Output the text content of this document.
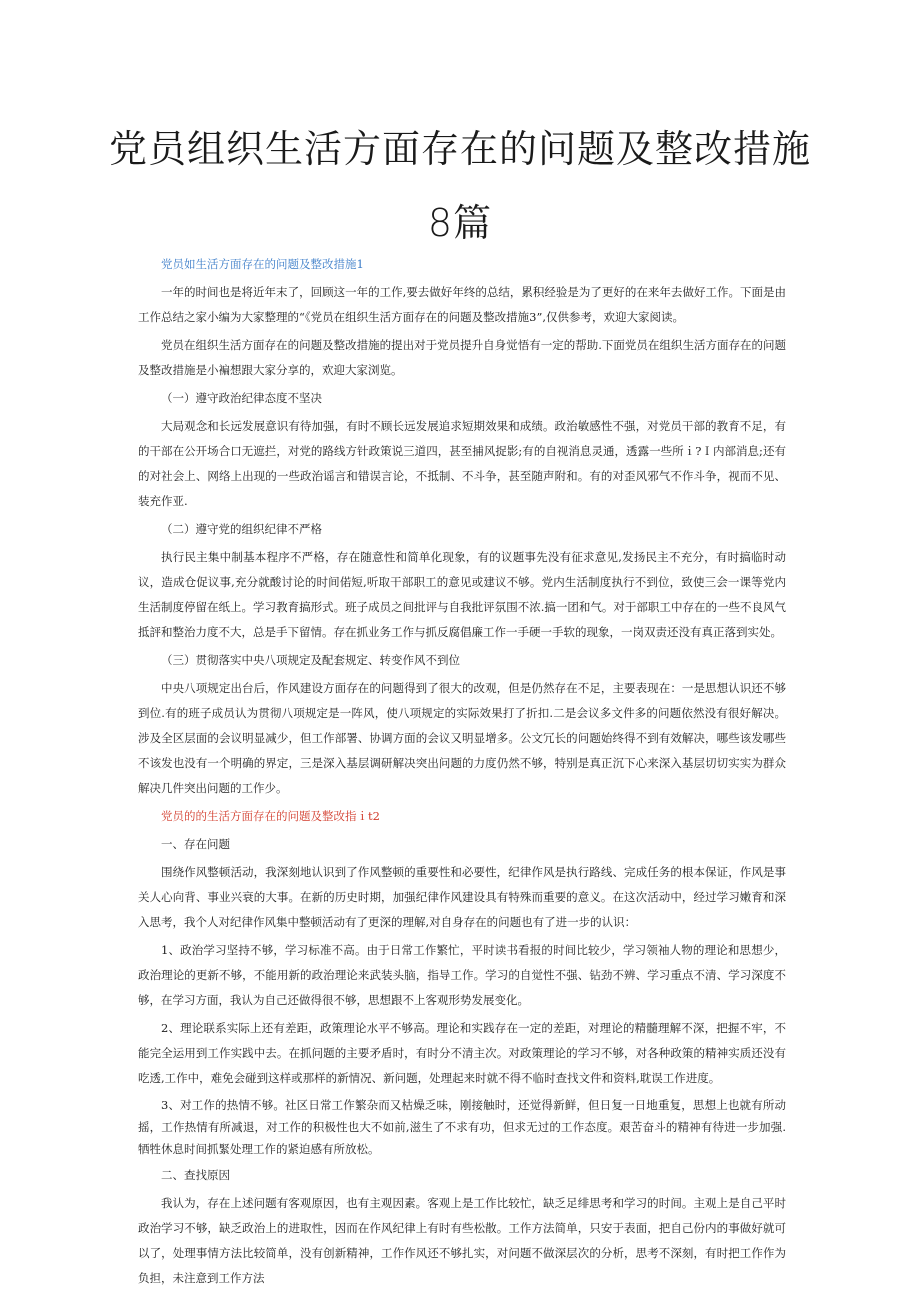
党员组织生活方面存在的问题及整改措施
8篇

党员如生活方面存在的问题及整改措施1

一年的时间也是将近年末了，回顾这一年的工作,要去做好年终的总结，累积经验是为了更好的在来年去做好工作。下面是由工作总结之家小编为大家整理的“《党员在组织生活方面存在的问题及整改措施3”,仅供参考，欢迎大家阅读。

党员在组织生活方面存在的问题及整改措施的提出对于党员提升自身觉悟有一定的帮助.下面党员在组织生活方面存在的问题及整改措施是小褊想跟大家分享的，欢迎大家浏览。

（一）遵守政治纪律态度不坚决

大局观念和长远发展意识有待加强，有时不顾长远发展追求短期效果和成绩。政治敏感性不强，对党员干部的教育不足，有的干部在公开场合口无遮拦，对党的路线方针政策说三道四，甚至捕风捉影;有的自视消息灵通，透露一些所ｉ?Ｉ内部消息;还有的对社会上、网络上出现的一些政治谣言和错误言论，不抵制、不斗争，甚至随声附和。有的对歪风邪气不作斗争，视而不见、装充作亚.

（二）遵守党的组织纪律不严格

执行民主集中制基本程序不严格，存在随意性和简单化现象，有的议题事先没有征求意见,发扬民主不充分，有时搞临时动议，造成仓促议事,充分就酸讨论的时间偌短,听取干部职工的意见或建议不够。党内生活制度执行不到位，致使三会一课等党内生活制度停留在纸上。学习教育搞形式。班子成员之间批评与自我批评氛围不浓.搞一团和气。对于部职工中存在的一些不良风气抵評和整治力度不大，总是手下留情。存在抓业务工作与抓反腐倡廉工作一手硬一手软的现象，一岗双责还没有真正落到实处。

（三）贯彻落实中央八项规定及配套规定、转变作风不到位

中央八项规定出台后，作风建设方面存在的问题得到了很大的改观，但是仍然存在不足，主要表现在：一是思想认识还不够到位.有的班子成员认为贯彻八项规定是一阵风，使八项规定的实际效果打了折扣.二是会议多文件多的问题依然没有很好解决。涉及全区层面的会议明显减少，但工作部署、协调方面的会议又明显增多。公文冗长的问题始终得不到有效解决，哪些该发哪些不该发也没有一个明确的界定，三是深入基层调研解决突出问题的力度仍然不够，特别是真正沉下心来深入基层切切实实为群众解决几件突出问题的工作少。

党员的的生活方面存在的问题及整改指ｉt2

一、存在问题

围绕作风整顿活动，我深刻地认识到了作风整顿的重要性和必要性，纪律作风是执行路线、完成任务的根本保证，作风是事关人心向背、事业兴衰的大事。在新的历史时期，加强纪律作风建设具有特殊而重要的意义。在这次活动中，经过学习嫩育和深入思考，我个人对纪律作风集中整顿活动有了更深的理解,对自身存在的问题也有了进一步的认识：

1、政治学习坚持不够，学习标准不高。由于日常工作繁忙，平时读书看报的时间比较少，学习领袖人物的理论和思想少，政治理论的更新不够，不能用新的政治理论来武装头脑，指导工作。学习的自觉性不强、钻劲不辨、学习重点不清、学习深度不够，在学习方面，我认为自己还做得很不够，思想跟不上客观形势发展变化。

2、理论联系实际上还有差距，政策理论水平不够高。理论和实践存在一定的差距，对理论的精髓理解不深，把握不牢，不能完全运用到工作实践中去。在抓问题的主要矛盾时，有时分不清主次。对政策理论的学习不够，对各种政策的精神实质还没有吃透,工作中，难免会碰到这样或那样的新情况、新问题，处理起来时就不得不临时查找文件和资料,耽误工作进度。

3、对工作的热情不够。社区日常工作繁杂而又枯燥乏味，刚接触时，还觉得新鲜，但日复一日地重复，思想上也就有所动摇，工作热情有所减退，对工作的积极性也大不如前,滋生了不求有功，但求无过的工作态度。艰苦奋斗的精神有待进一步加强.牺牲休息时间抓緊处理工作的紧迫感有所放松。

二、查找原因

我认为，存在上述问题有客观原因，也有主观因素。客观上是工作比较忙，缺乏足绯思考和学习的时间。主观上是自己平时政治学习不够，缺乏政治上的进取性，因而在作风纪律上有时有些松散。工作方法简单，只安于表面，把自己份内的事做好就可以了，处理事情方法比较简单，没有创新精神，工作作风还不够扎实，对问题不做深层次的分析，思考不深刻，有时把工作作为负担，未注意到工作方法
